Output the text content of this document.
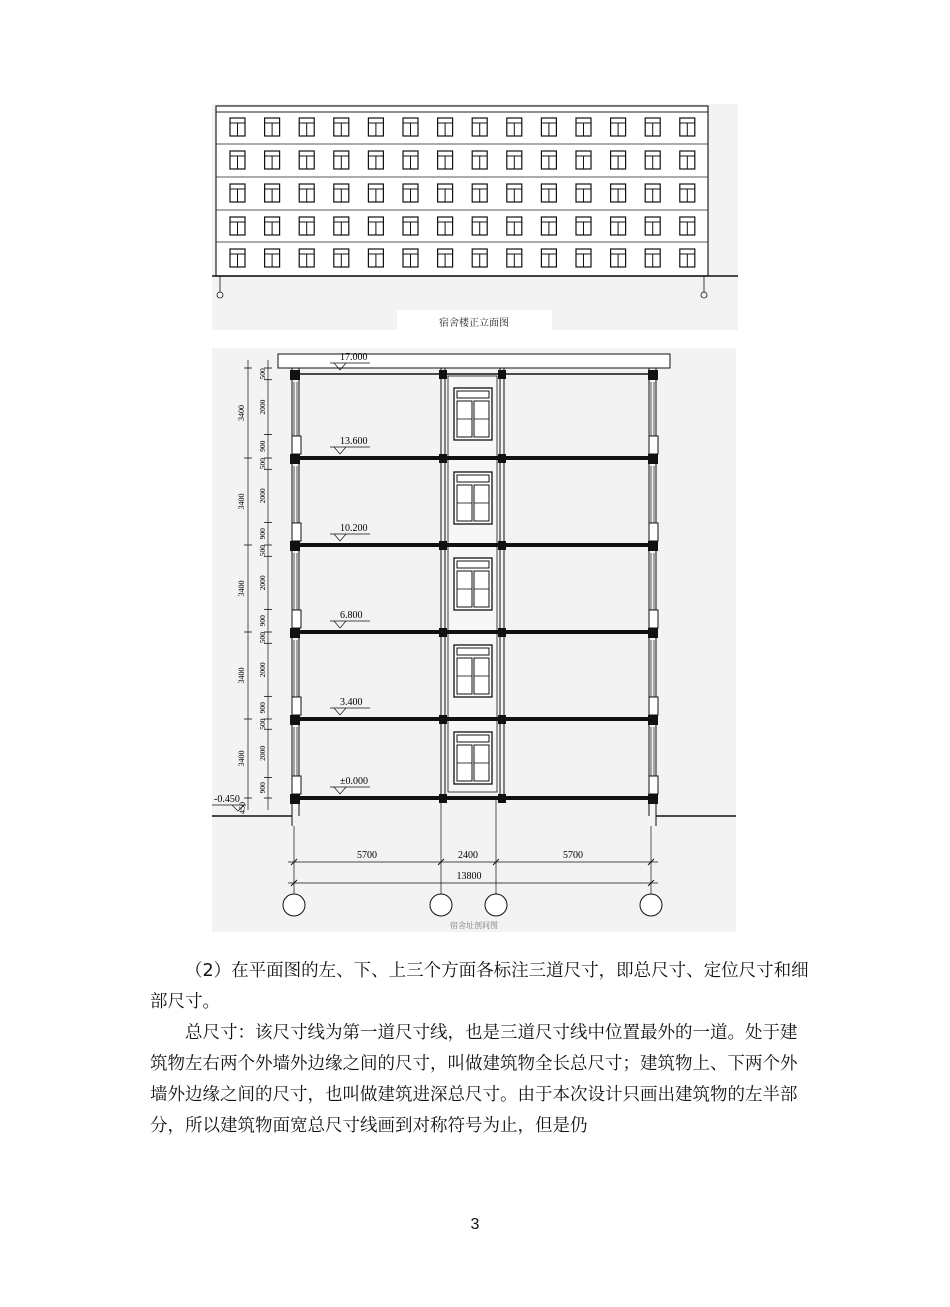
宿舍楼正立面图
17.000
13.600
10.200
6.800
3.400
±0.000
3400
500
2000
900
3400
500
2000
900
3400
500
2000
900
3400
500
2000
900
3400
500
2000
900
5700	2400	5700
13800
-0.450
450
宿舍址剖间图

（2）在平面图的左、下、上三个方面各标注三道尺寸，即总尺寸、定位尺寸和细部尺寸。

总尺寸：该尺寸线为第一道尺寸线，也是三道尺寸线中位置最外的一道。处于建筑物左右两个外墙外边缘之间的尺寸，叫做建筑物全长总尺寸；建筑物上、下两个外墙外边缘之间的尺寸，也叫做建筑进深总尺寸。由于本次设计只画出建筑物的左半部分，所以建筑物面宽总尺寸线画到对称符号为止，但是仍

3
